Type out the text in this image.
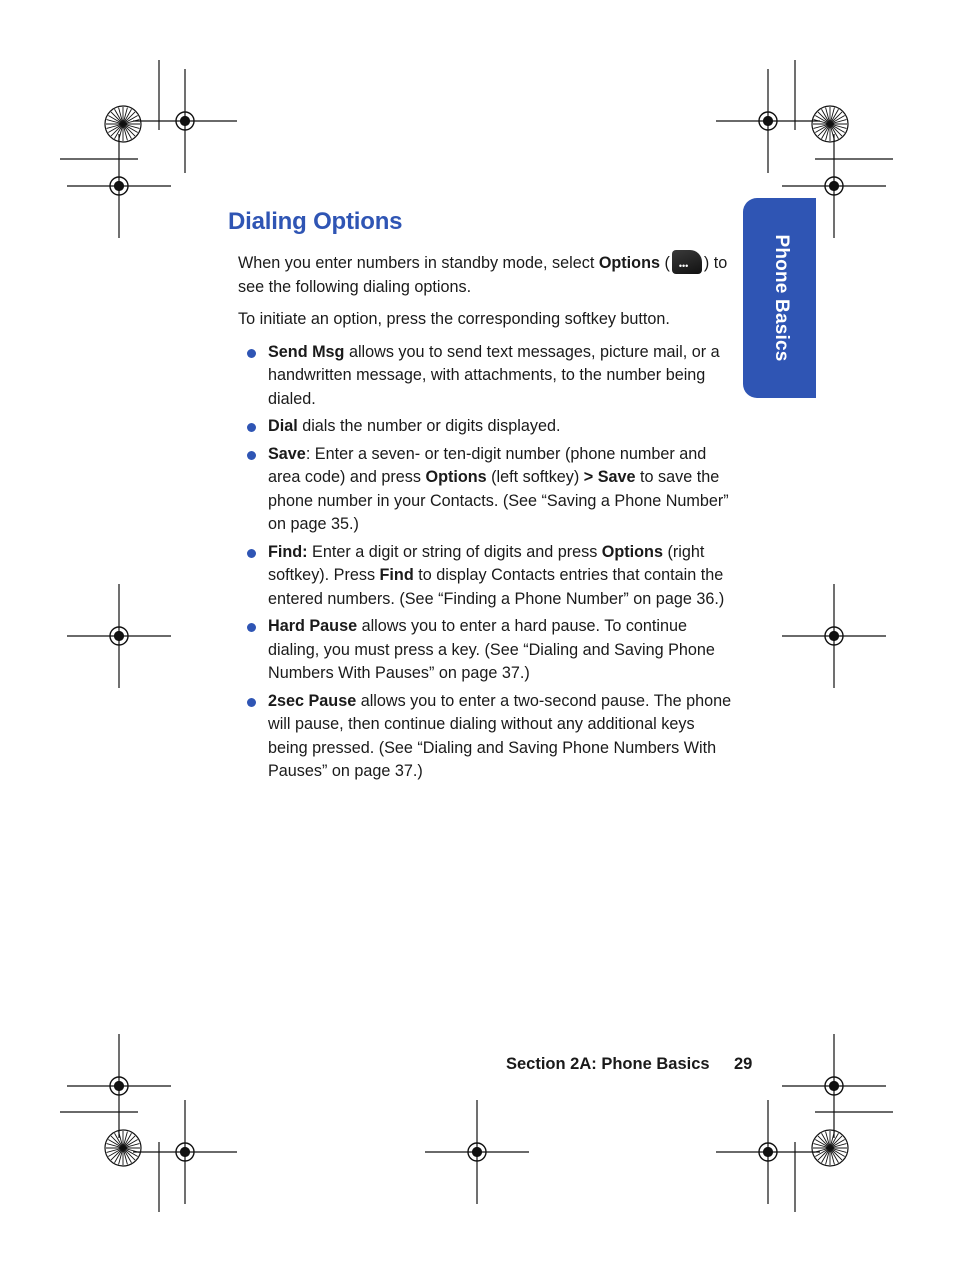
Phone Basics
Dialing Options

When you enter numbers in standby mode, select Options (••• ) to see the following dialing options.

To initiate an option, press the corresponding softkey button.

Send Msg allows you to send text messages, picture mail, or a handwritten message, with attachments, to the number being dialed.
Dial dials the number or digits displayed.
Save: Enter a seven- or ten-digit number (phone number and area code) and press Options (left softkey) > Save to save the phone number in your Contacts. (See “Saving a Phone Number” on page 35.)
Find: Enter a digit or string of digits and press Options (right softkey). Press Find to display Contacts entries that contain the entered numbers. (See “Finding a Phone Number” on page 36.)
Hard Pause allows you to enter a hard pause. To continue dialing, you must press a key. (See “Dialing and Saving Phone Numbers With Pauses” on page 37.)
2sec Pause allows you to enter a two-second pause. The phone will pause, then continue dialing without any additional keys being pressed. (See “Dialing and Saving Phone Numbers With Pauses” on page 37.)
Section 2A: Phone Basics 29
